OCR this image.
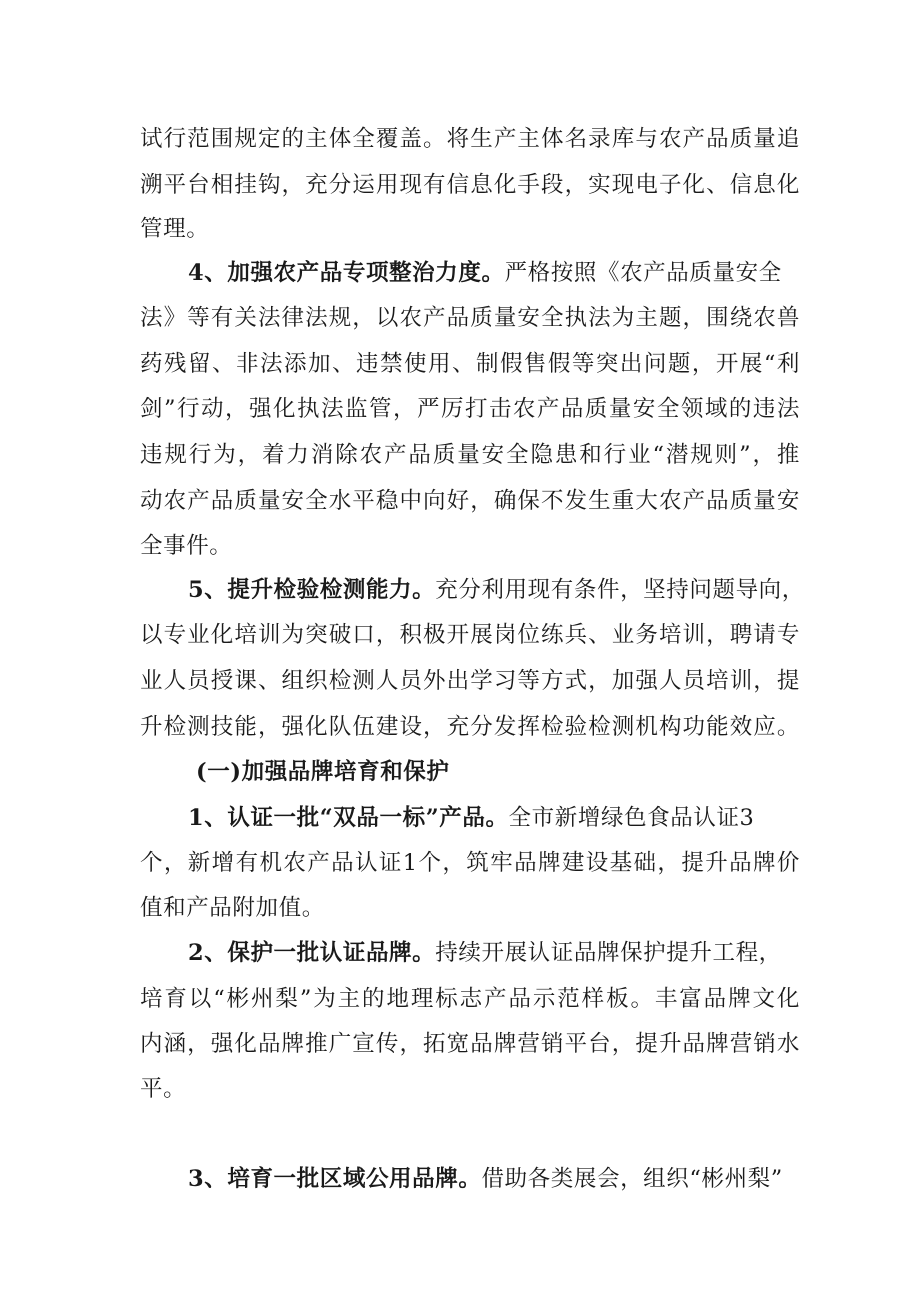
试行范围规定的主体全覆盖。将生产主体名录库与农产品质量追
溯平台相挂钩，充分运用现有信息化手段，实现电子化、信息化
管理。
4、加强农产品专项整治力度。严格按照《农产品质量安全
法》等有关法律法规，以农产品质量安全执法为主题，围绕农兽
药残留、非法添加、违禁使用、制假售假等突出问题，开展“利
剑”行动，强化执法监管，严厉打击农产品质量安全领域的违法
违规行为，着力消除农产品质量安全隐患和行业“潜规则”，推
动农产品质量安全水平稳中向好，确保不发生重大农产品质量安
全事件。
5、提升检验检测能力。充分利用现有条件，坚持问题导向，
以专业化培训为突破口，积极开展岗位练兵、业务培训，聘请专
业人员授课、组织检测人员外出学习等方式，加强人员培训，提
升检测技能，强化队伍建设，充分发挥检验检测机构功能效应。
(一)加强品牌培育和保护
1、认证一批“双品一标”产品。全市新增绿色食品认证3
个，新增有机农产品认证1个，筑牢品牌建设基础，提升品牌价
值和产品附加值。
2、保护一批认证品牌。持续开展认证品牌保护提升工程，
培育以“彬州梨”为主的地理标志产品示范样板。丰富品牌文化
内涵，强化品牌推广宣传，拓宽品牌营销平台，提升品牌营销水
平。
3、培育一批区域公用品牌。借助各类展会，组织“彬州梨”
